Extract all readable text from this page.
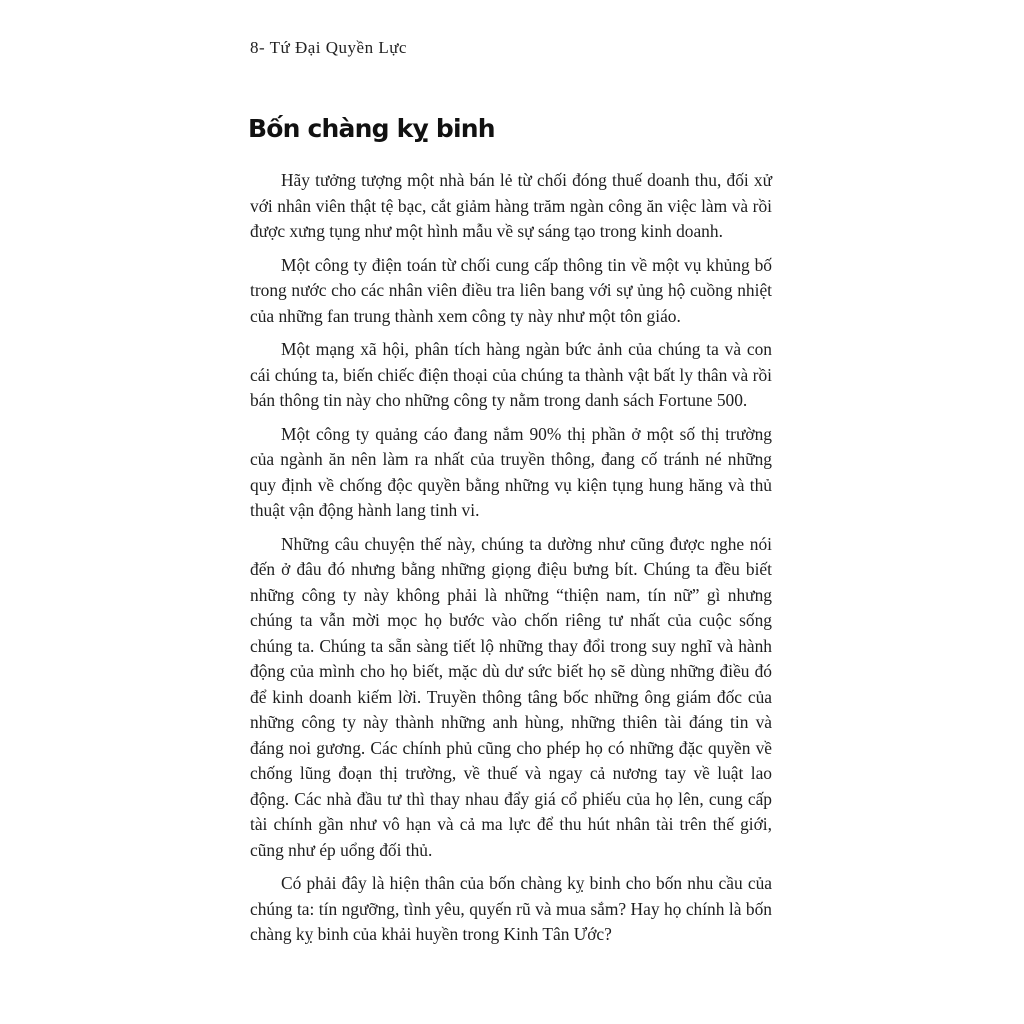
8- Tứ Đại Quyền Lực
Bốn chàng kỵ binh

Hãy tưởng tượng một nhà bán lẻ từ chối đóng thuế doanh thu, đối xử với nhân viên thật tệ bạc, cắt giảm hàng trăm ngàn công ăn việc làm và rồi được xưng tụng như một hình mẫu về sự sáng tạo trong kinh doanh.

Một công ty điện toán từ chối cung cấp thông tin về một vụ khủng bố trong nước cho các nhân viên điều tra liên bang với sự ủng hộ cuồng nhiệt của những fan trung thành xem công ty này như một tôn giáo.

Một mạng xã hội, phân tích hàng ngàn bức ảnh của chúng ta và con cái chúng ta, biến chiếc điện thoại của chúng ta thành vật bất ly thân và rồi bán thông tin này cho những công ty nằm trong danh sách Fortune 500.

Một công ty quảng cáo đang nắm 90% thị phần ở một số thị trường của ngành ăn nên làm ra nhất của truyền thông, đang cố tránh né những quy định về chống độc quyền bằng những vụ kiện tụng hung hăng và thủ thuật vận động hành lang tinh vi.

Những câu chuyện thế này, chúng ta dường như cũng được nghe nói đến ở đâu đó nhưng bằng những giọng điệu bưng bít. Chúng ta đều biết những công ty này không phải là những “thiện nam, tín nữ” gì nhưng chúng ta vẫn mời mọc họ bước vào chốn riêng tư nhất của cuộc sống chúng ta. Chúng ta sẵn sàng tiết lộ những thay đổi trong suy nghĩ và hành động của mình cho họ biết, mặc dù dư sức biết họ sẽ dùng những điều đó để kinh doanh kiếm lời. Truyền thông tâng bốc những ông giám đốc của những công ty này thành những anh hùng, những thiên tài đáng tin và đáng noi gương. Các chính phủ cũng cho phép họ có những đặc quyền về chống lũng đoạn thị trường, về thuế và ngay cả nương tay về luật lao động. Các nhà đầu tư thì thay nhau đẩy giá cổ phiếu của họ lên, cung cấp tài chính gần như vô hạn và cả ma lực để thu hút nhân tài trên thế giới, cũng như ép uổng đối thủ.

Có phải đây là hiện thân của bốn chàng kỵ binh cho bốn nhu cầu của chúng ta: tín ngưỡng, tình yêu, quyến rũ và mua sắm? Hay họ chính là bốn chàng kỵ binh của khải huyền trong Kinh Tân Ước?
